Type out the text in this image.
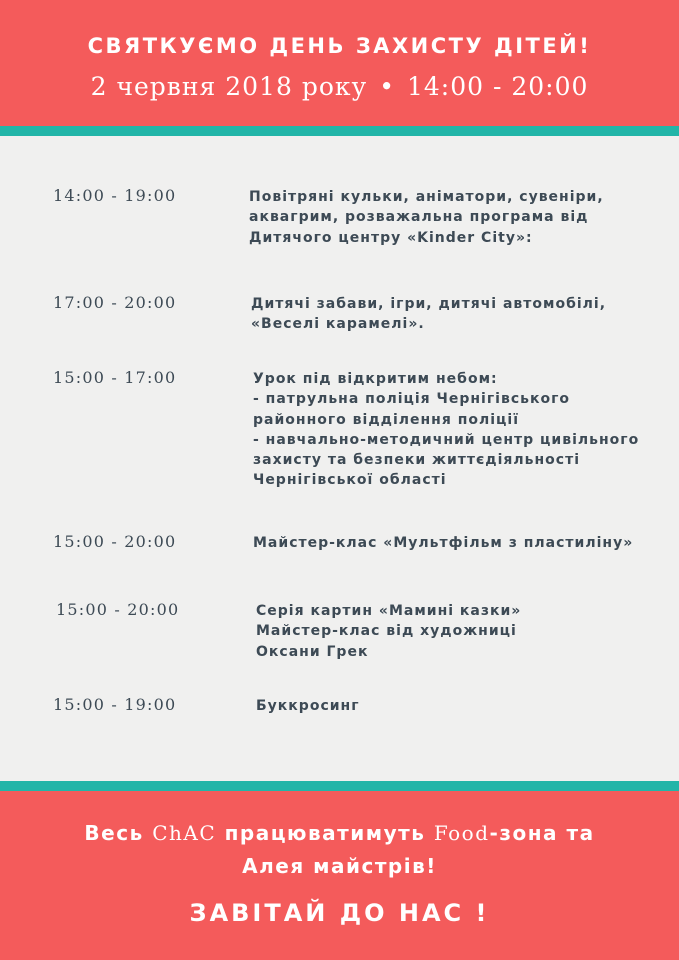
СВЯТКУЄМО ДЕНЬ ЗАХИСТУ ДІТЕЙ!
2 червня 2018 року • 14:00 - 20:00
14:00 - 19:00	Повітряні кульки, аніматори, сувеніри,
аквагрим, розважальна програма від
Дитячого центру «Kinder City»:
17:00 - 20:00	Дитячі забави, ігри, дитячі автомобілі,
«Веселі карамелі».
15:00 - 17:00	Урок під відкритим небом:
- патрульна поліція Чернігівського
районного відділення поліції
- навчально-методичний центр цивільного
захисту та безпеки життєдіяльності
Чернігівської області
15:00 - 20:00	Майстер-клас «Мультфільм з пластиліну»
15:00 - 20:00	Серія картин «Мамині казки»
Майстер-клас від художниці
Оксани Грек
15:00 - 19:00	Буккросинг
Весь ChAC працюватимуть Food-зона та
Алея майстрів!
ЗАВІТАЙ ДО НАС !
